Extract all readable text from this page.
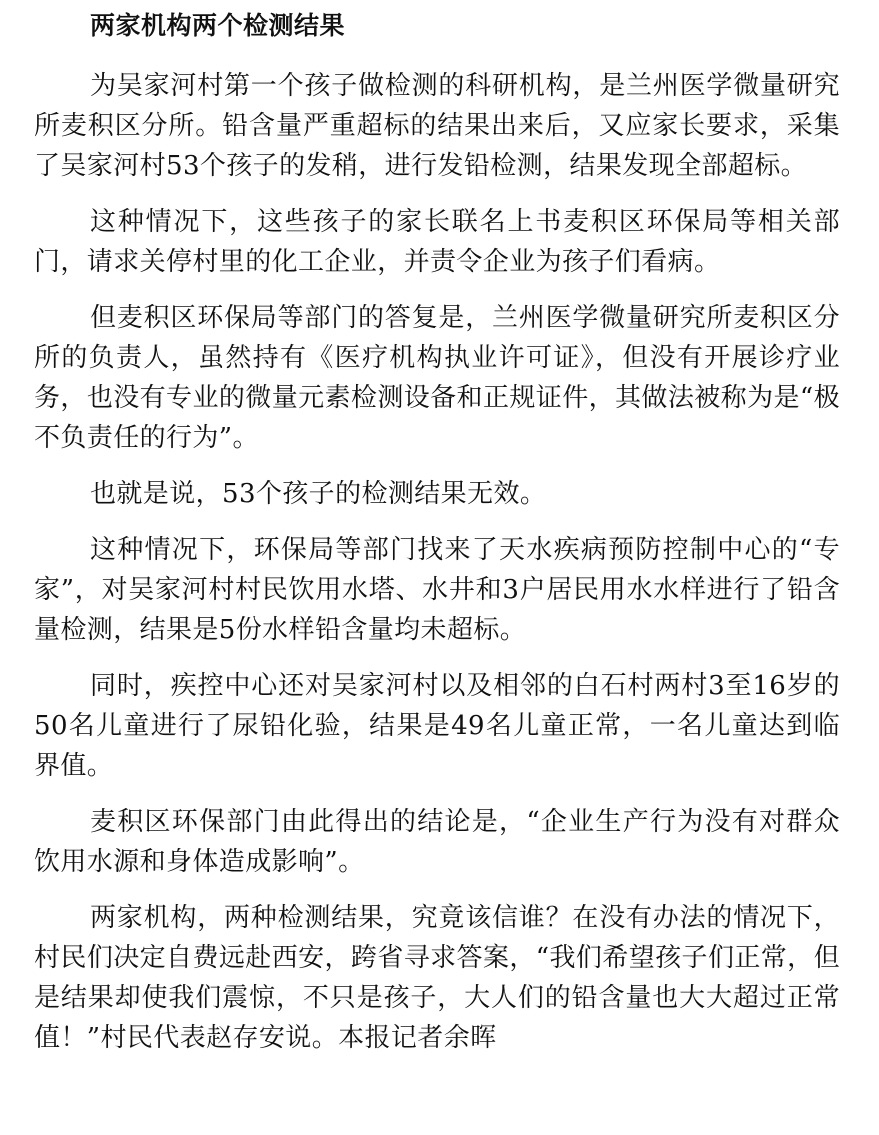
两家机构两个检测结果

为吴家河村第一个孩子做检测的科研机构，是兰州医学微量研究所麦积区分所。铅含量严重超标的结果出来后，又应家长要求，采集了吴家河村53个孩子的发稍，进行发铅检测，结果发现全部超标。

这种情况下，这些孩子的家长联名上书麦积区环保局等相关部门，请求关停村里的化工企业，并责令企业为孩子们看病。

但麦积区环保局等部门的答复是，兰州医学微量研究所麦积区分所的负责人，虽然持有《医疗机构执业许可证》，但没有开展诊疗业务，也没有专业的微量元素检测设备和正规证件，其做法被称为是“极不负责任的行为”。

也就是说，53个孩子的检测结果无效。

这种情况下，环保局等部门找来了天水疾病预防控制中心的“专家”，对吴家河村村民饮用水塔、水井和3户居民用水水样进行了铅含量检测，结果是5份水样铅含量均未超标。

同时，疾控中心还对吴家河村以及相邻的白石村两村3至16岁的50名儿童进行了尿铅化验，结果是49名儿童正常，一名儿童达到临界值。

麦积区环保部门由此得出的结论是，“企业生产行为没有对群众饮用水源和身体造成影响”。

两家机构，两种检测结果，究竟该信谁？在没有办法的情况下，村民们决定自费远赴西安，跨省寻求答案，“我们希望孩子们正常，但是结果却使我们震惊，不只是孩子，大人们的铅含量也大大超过正常值！”村民代表赵存安说。本报记者余晖
